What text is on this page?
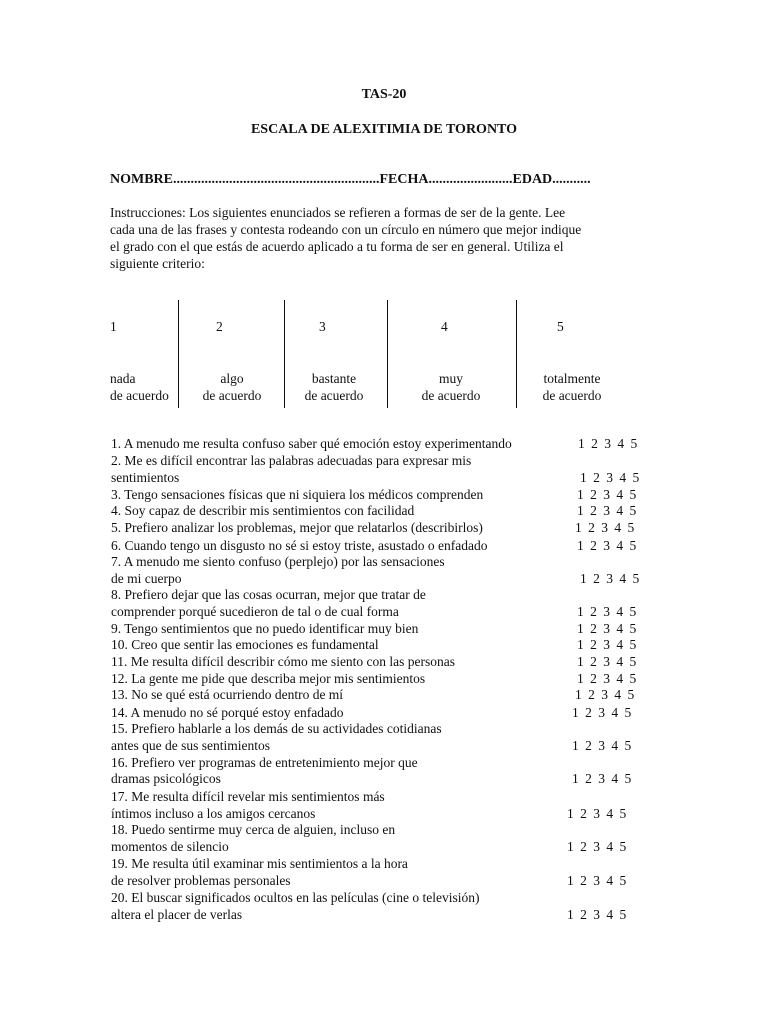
TAS-20
ESCALA DE ALEXITIMIA DE TORONTO
NOMBRE...........................................................FECHA........................EDAD...........
Instrucciones: Los siguientes enunciados se refieren a formas de ser de la gente. Lee
cada una de las frases y contesta rodeando con un círculo en número que mejor indique
el grado con el que estás de acuerdo aplicado a tu forma de ser en general. Utiliza el
siguiente criterio:
1	2	3	4	5
nada
de acuerdo
algo
de acuerdo
bastante
de acuerdo
muy
de acuerdo
totalmente
de acuerdo
1. A menudo me resulta confuso saber qué emoción estoy experimentando	1 2 3 4 5
2. Me es difícil encontrar las palabras adecuadas para expresar mis
sentimientos	1 2 3 4 5
3. Tengo sensaciones físicas que ni siquiera los médicos comprenden	1 2 3 4 5
4. Soy capaz de describir mis sentimientos con facilidad	1 2 3 4 5
5. Prefiero analizar los problemas, mejor que relatarlos (describirlos)	1 2 3 4 5
6. Cuando tengo un disgusto no sé si estoy triste, asustado o enfadado	1 2 3 4 5
7. A menudo me siento confuso (perplejo) por las sensaciones
de mi cuerpo	1 2 3 4 5
8. Prefiero dejar que las cosas ocurran, mejor que tratar de
comprender porqué sucedieron de tal o de cual forma	1 2 3 4 5
9. Tengo sentimientos que no puedo identificar muy bien	1 2 3 4 5
10. Creo que sentir las emociones es fundamental	1 2 3 4 5
11. Me resulta difícil describir cómo me siento con las personas	1 2 3 4 5
12. La gente me pide que describa mejor mis sentimientos	1 2 3 4 5
13. No se qué está ocurriendo dentro de mí	1 2 3 4 5
14. A menudo no sé porqué estoy enfadado	1 2 3 4 5
15. Prefiero hablarle a los demás de su actividades cotidianas
antes que de sus sentimientos	1 2 3 4 5
16. Prefiero ver programas de entretenimiento mejor que
dramas psicológicos	1 2 3 4 5
17. Me resulta difícil revelar mis sentimientos más
íntimos incluso a los amigos cercanos	1 2 3 4 5
18. Puedo sentirme muy cerca de alguien, incluso en
momentos de silencio	1 2 3 4 5
19. Me resulta útil examinar mis sentimientos a la hora
de resolver problemas personales	1 2 3 4 5
20. El buscar significados ocultos en las películas (cine o televisión)
altera el placer de verlas	1 2 3 4 5
